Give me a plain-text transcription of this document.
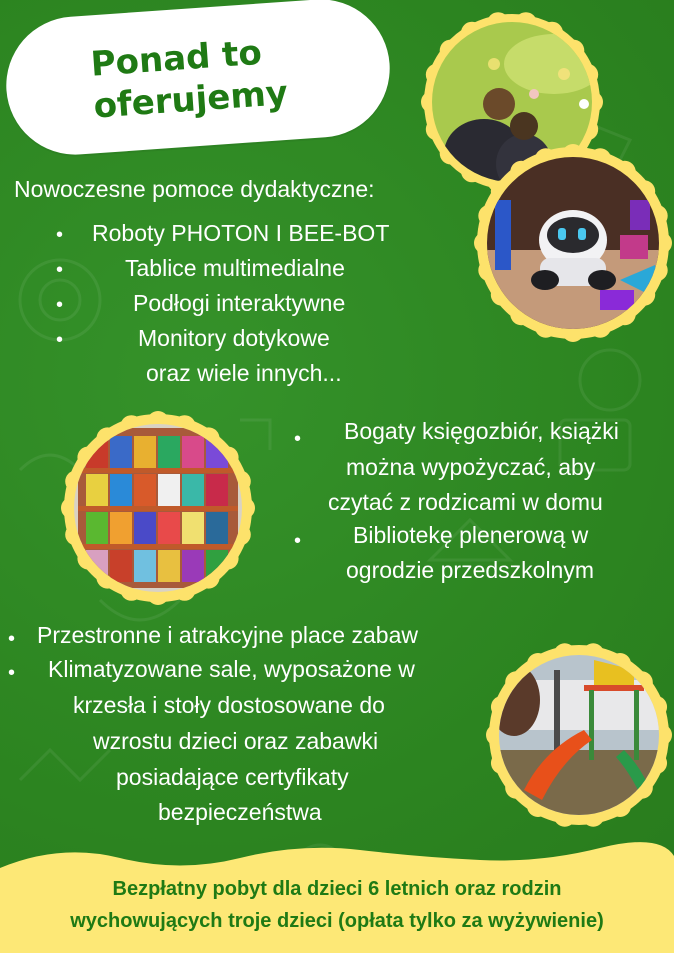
Ponad to
oferujemy
Nowoczesne pomoce dydaktyczne:
• Roboty PHOTON I BEE-BOT
•	Tablice multimedialne
•	Podłogi interaktywne
•	Monitory dotykowe
oraz wiele innych...
• Bogaty księgozbiór, książki
można wypożyczać, aby
czytać z rodzicami w domu
• Bibliotekę plenerową w
ogrodzie przedszkolnym
• Przestronne i atrakcyjne place zabaw
• Klimatyzowane sale, wyposażone w
krzesła i stoły dostosowane do
wzrostu dzieci oraz zabawki
posiadające certyfikaty
bezpieczeństwa
Bezpłatny pobyt dla dzieci 6 letnich oraz rodzin
wychowujących troje dzieci (opłata tylko za wyżywienie)
